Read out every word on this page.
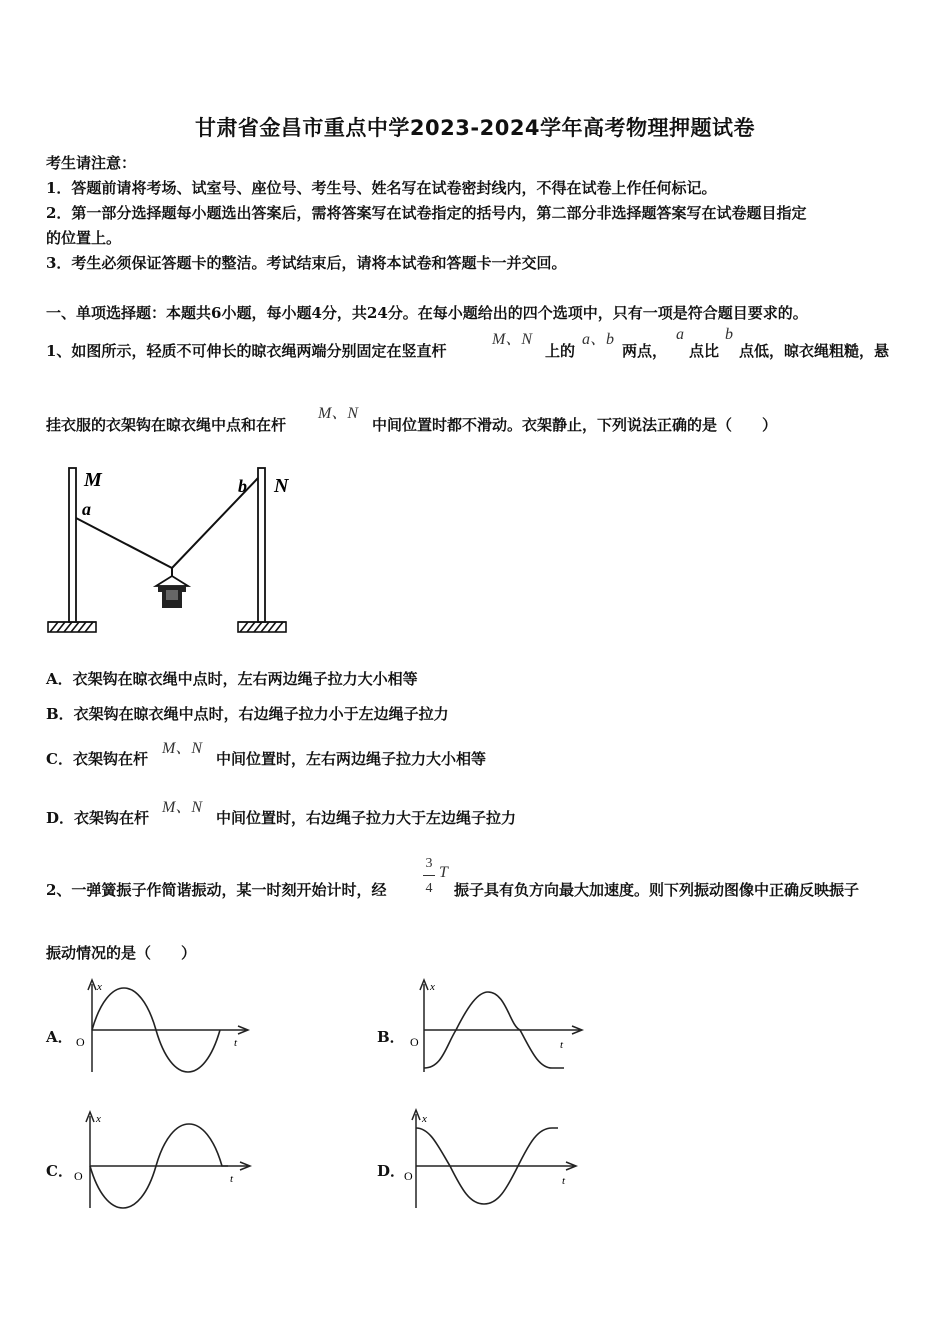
甘肃省金昌市重点中学2023-2024学年高考物理押题试卷
考生请注意：
1．答题前请将考场、试室号、座位号、考生号、姓名写在试卷密封线内，不得在试卷上作任何标记。
2．第一部分选择题每小题选出答案后，需将答案写在试卷指定的括号内，第二部分非选择题答案写在试卷题目指定
的位置上。
3．考生必须保证答题卡的整洁。考试结束后，请将本试卷和答题卡一并交回。
一、单项选择题：本题共6小题，每小题4分，共24分。在每小题给出的四个选项中，只有一项是符合题目要求的。
1、如图所示，轻质不可伸长的晾衣绳两端分别固定在竖直杆
M、N
上的
a、b
两点，
a
点比
b
点低，晾衣绳粗糙，悬
挂衣服的衣架钩在晾衣绳中点和在杆
M、N
中间位置时都不滑动。衣架静止，下列说法正确的是（　　）
M
a
b N
A．衣架钩在晾衣绳中点时，左右两边绳子拉力大小相等
B．衣架钩在晾衣绳中点时，右边绳子拉力小于左边绳子拉力
C．衣架钩在杆
M、N
中间位置时，左右两边绳子拉力大小相等
D．衣架钩在杆
M、N
中间位置时，右边绳子拉力大于左边绳子拉力
2、一弹簧振子作简谐振动，某一时刻开始计时，经
3
4
T
振子具有负方向最大加速度。则下列振动图像中正确反映振子
振动情况的是（　　）
A．
x
t
O	B．
x
t
O
C．
x
t
O	D．
x
t
O
